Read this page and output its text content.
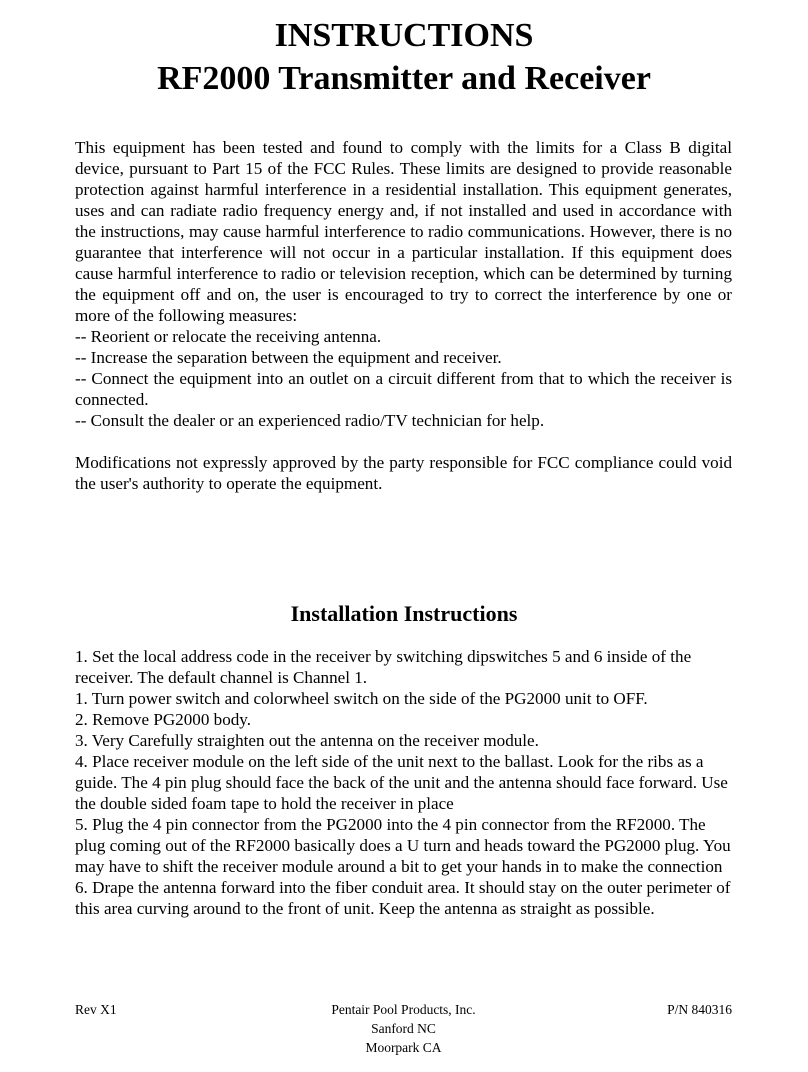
INSTRUCTIONS
RF2000 Transmitter and Receiver

This equipment has been tested and found to comply with the limits for a Class B digital device, pursuant to Part 15 of the FCC Rules. These limits are designed to provide reasonable protection against harmful interference in a residential installation. This equipment generates, uses and can radiate radio frequency energy and, if not installed and used in accordance with the instructions, may cause harmful interference to radio communications. However, there is no guarantee that interference will not occur in a particular installation. If this equipment does cause harmful interference to radio or television reception, which can be determined by turning the equipment off and on, the user is encouraged to try to correct the interference by one or more of the following measures:

-- Reorient or relocate the receiving antenna.

-- Increase the separation between the equipment and receiver.

-- Connect the equipment into an outlet on a circuit different from that to which the receiver is connected.

-- Consult the dealer or an experienced radio/TV technician for help.

Modifications not expressly approved by the party responsible for FCC compliance could void the user's authority to operate the equipment.

Installation Instructions

1. Set the local address code in the receiver by switching dipswitches 5 and 6 inside of the receiver. The default channel is Channel 1.

1. Turn power switch and colorwheel switch on the side of the PG2000 unit to OFF.

2. Remove PG2000 body.

3. Very Carefully straighten out the antenna on the receiver module.

4. Place receiver module on the left side of the unit next to the ballast. Look for the ribs as a guide. The 4 pin plug should face the back of the unit and the antenna should face forward. Use the double sided foam tape to hold the receiver in place

5. Plug the 4 pin connector from the PG2000 into the 4 pin connector from the RF2000. The plug coming out of the RF2000 basically does a U turn and heads toward the PG2000 plug. You may have to shift the receiver module around a bit to get your hands in to make the connection

6. Drape the antenna forward into the fiber conduit area. It should stay on the outer perimeter of this area curving around to the front of unit. Keep the antenna as straight as possible.

Rev X1	Pentair Pool Products, Inc.
Sanford NC
Moorpark CA
P/N 840316
